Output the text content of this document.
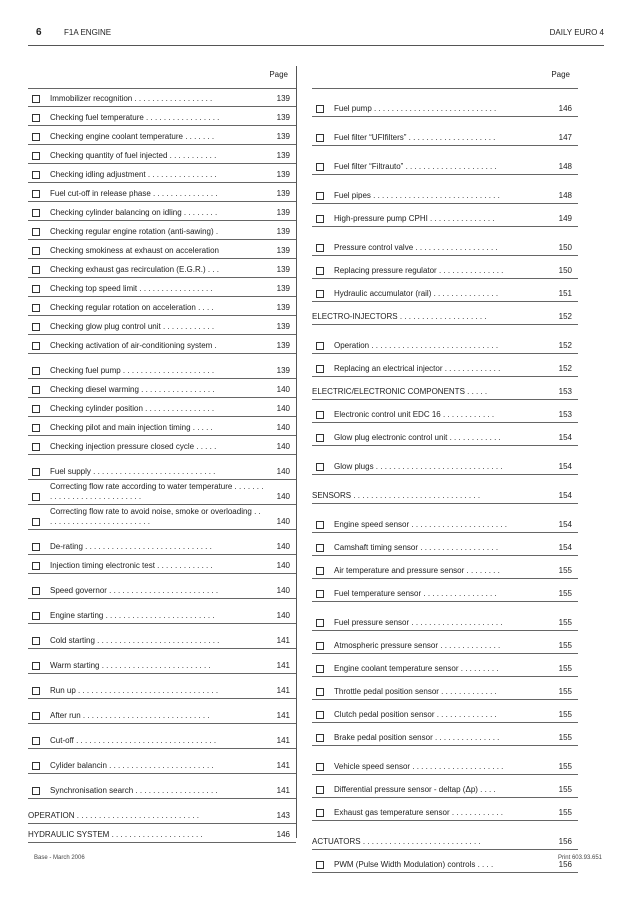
6	F1A ENGINE	DAILY EURO 4
Page
Immobilizer recognition . . . . . . . . . . . . . . . . . .	139
Checking fuel temperature . . . . . . . . . . . . . . . . .	139
Checking engine coolant temperature . . . . . . .	139
Checking quantity of fuel injected . . . . . . . . . . .	139
Checking idling adjustment . . . . . . . . . . . . . . . .	139
Fuel cut-off in release phase . . . . . . . . . . . . . . .	139
Checking cylinder balancing on idling . . . . . . . .	139
Checking regular engine rotation (anti-sawing) .	139
Checking smokiness at exhaust on acceleration	139
Checking exhaust gas recirculation (E.G.R.) . . .	139
Checking top speed limit . . . . . . . . . . . . . . . . .	139
Checking regular rotation on acceleration . . . .	139
Checking glow plug control unit . . . . . . . . . . . .	139
Checking activation of air-conditioning system .	139
Checking fuel pump . . . . . . . . . . . . . . . . . . . . .	139
Checking diesel warming . . . . . . . . . . . . . . . . .	140
Checking cylinder position . . . . . . . . . . . . . . . .	140
Checking pilot and main injection timing . . . . .	140
Checking injection pressure closed cycle . . . . .	140
Fuel supply . . . . . . . . . . . . . . . . . . . . . . . . . . . .	140
Correcting flow rate according to water temperature . . . . . . . . . . . . . . . . . . . . . . . . . . . .	140
Correcting flow rate to avoid noise, smoke or overloading . . . . . . . . . . . . . . . . . . . . . . . . .	140
De-rating . . . . . . . . . . . . . . . . . . . . . . . . . . . . .	140
Injection timing electronic test . . . . . . . . . . . . .	140
Speed governor . . . . . . . . . . . . . . . . . . . . . . . . .	140
Engine starting . . . . . . . . . . . . . . . . . . . . . . . . .	140
Cold starting . . . . . . . . . . . . . . . . . . . . . . . . . . . .	141
Warm starting . . . . . . . . . . . . . . . . . . . . . . . . .	141
Run up . . . . . . . . . . . . . . . . . . . . . . . . . . . . . . . .	141
After run . . . . . . . . . . . . . . . . . . . . . . . . . . . . .	141
Cut-off . . . . . . . . . . . . . . . . . . . . . . . . . . . . . . . .	141
Cylider balancin . . . . . . . . . . . . . . . . . . . . . . . .	141
Synchronisation search . . . . . . . . . . . . . . . . . . .	141
OPERATION . . . . . . . . . . . . . . . . . . . . . . . . . . . .	143
HYDRAULIC SYSTEM . . . . . . . . . . . . . . . . . . . . .	146
Page
Fuel pump . . . . . . . . . . . . . . . . . . . . . . . . . . . .	146
Fuel filter “UFIfilters” . . . . . . . . . . . . . . . . . . . .	147
Fuel filter “Filtrauto” . . . . . . . . . . . . . . . . . . . . .	148
Fuel pipes . . . . . . . . . . . . . . . . . . . . . . . . . . . . .	148
High-pressure pump CPHI . . . . . . . . . . . . . . .	149
Pressure control valve . . . . . . . . . . . . . . . . . . .	150
Replacing pressure regulator . . . . . . . . . . . . . . .	150
Hydraulic accumulator (rail) . . . . . . . . . . . . . . .	151
ELECTRO-INJECTORS . . . . . . . . . . . . . . . . . . . .	152
Operation . . . . . . . . . . . . . . . . . . . . . . . . . . . . .	152
Replacing an electrical injector . . . . . . . . . . . . .	152
ELECTRIC/ELECTRONIC COMPONENTS . . . . .	153
Electronic control unit EDC 16 . . . . . . . . . . . .	153
Glow plug electronic control unit . . . . . . . . . . . .	154
Glow plugs . . . . . . . . . . . . . . . . . . . . . . . . . . . . .	154
SENSORS . . . . . . . . . . . . . . . . . . . . . . . . . . . . .	154
Engine speed sensor . . . . . . . . . . . . . . . . . . . . . .	154
Camshaft timing sensor . . . . . . . . . . . . . . . . . .	154
Air temperature and pressure sensor . . . . . . . .	155
Fuel temperature sensor . . . . . . . . . . . . . . . . .	155
Fuel pressure sensor . . . . . . . . . . . . . . . . . . . . .	155
Atmospheric pressure sensor . . . . . . . . . . . . . .	155
Engine coolant temperature sensor . . . . . . . . .	155
Throttle pedal position sensor . . . . . . . . . . . . .	155
Clutch pedal position sensor . . . . . . . . . . . . . .	155
Brake pedal position sensor . . . . . . . . . . . . . . .	155
Vehicle speed sensor . . . . . . . . . . . . . . . . . . . . .	155
Differential pressure sensor - deltap (Δp) . . . .	155
Exhaust gas temperature sensor . . . . . . . . . . . .	155
ACTUATORS . . . . . . . . . . . . . . . . . . . . . . . . . . .	156
PWM (Pulse Width Modulation) controls . . . .	156
Base - March 2006	Print 603.93.651
